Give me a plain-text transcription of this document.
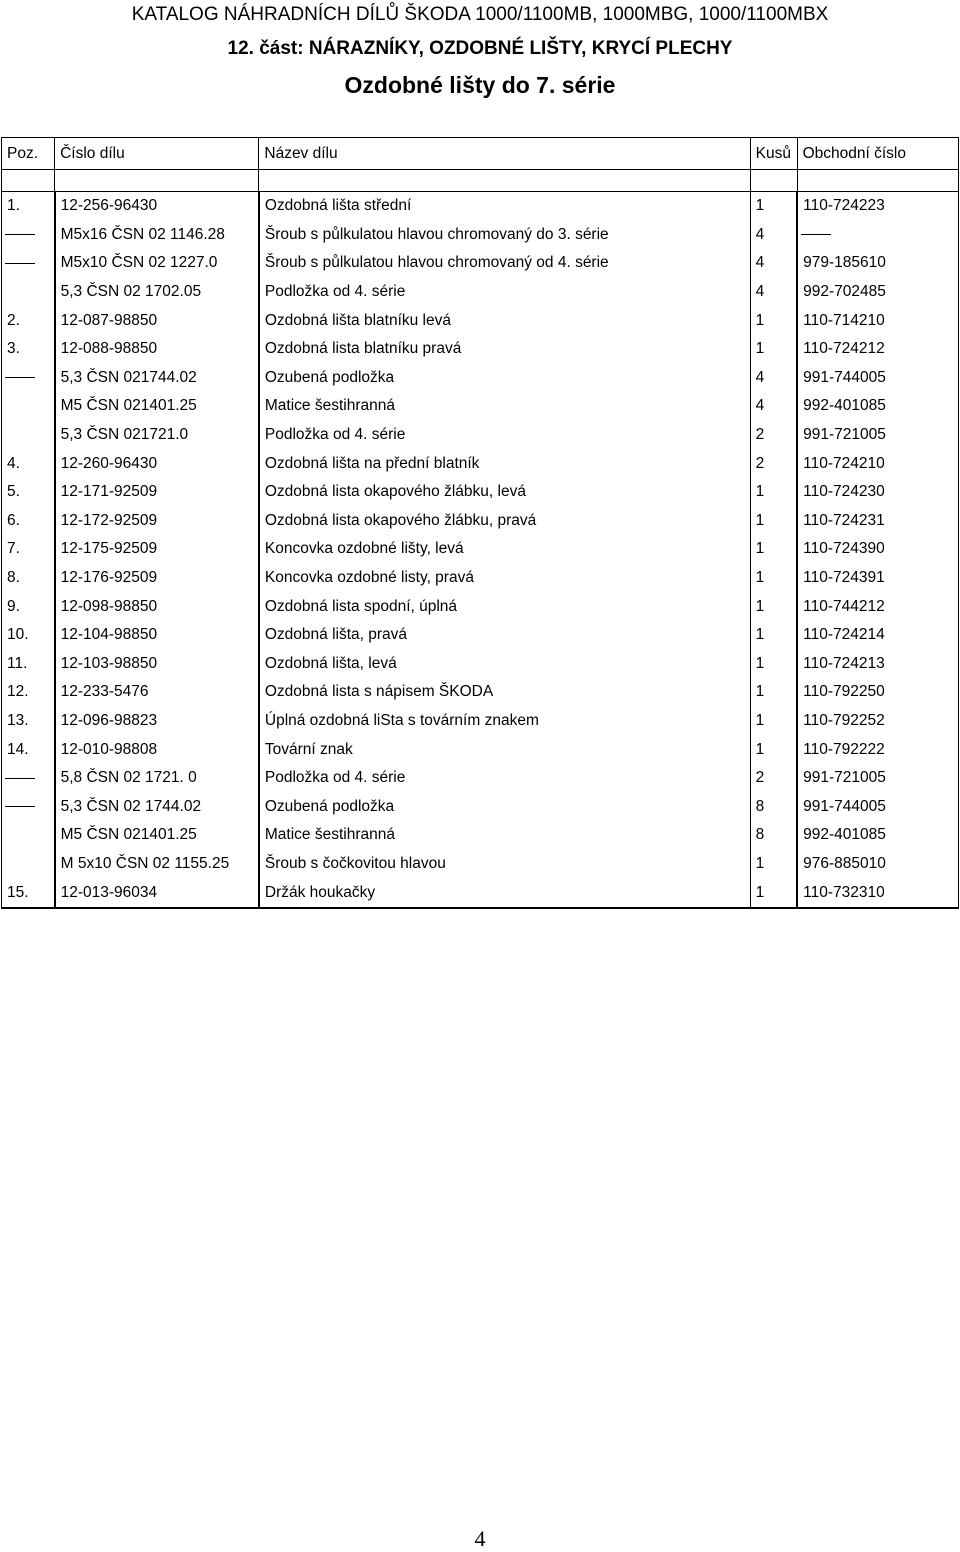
KATALOG NÁHRADNÍCH DÍLŮ ŠKODA 1000/1100MB, 1000MBG, 1000/1100MBX
12. část: NÁRAZNÍKY, OZDOBNÉ LIŠTY, KRYCÍ PLECHY
Ozdobné lišty do 7. série
Poz.	Číslo dílu	Název dílu	Kusů	Obchodní číslo

1.	12-256-96430	Ozdobná lišta střední	1	110-724223
	M5x16 ČSN 02 1146.28	Šroub s půlkulatou hlavou chromovaný do 3. série	4	
	M5x10 ČSN 02 1227.0	Šroub s půlkulatou hlavou chromovaný od 4. série	4	979-185610
	5,3 ČSN 02 1702.05	Podložka od 4. série	4	992-702485
2.	12-087-98850	Ozdobná lišta blatníku levá	1	110-714210
3.	12-088-98850	Ozdobná lista blatníku pravá	1	110-724212
	5,3 ČSN 021744.02	Ozubená podložka	4	991-744005
	M5 ČSN 021401.25	Matice šestihranná	4	992-401085
	5,3 ČSN 021721.0	Podložka od 4. série	2	991-721005
4.	12-260-96430	Ozdobná lišta na přední blatník	2	110-724210
5.	12-171-92509	Ozdobná lista okapového žlábku, levá	1	110-724230
6.	12-172-92509	Ozdobná lista okapového žlábku, pravá	1	110-724231
7.	12-175-92509	Koncovka ozdobné lišty, levá	1	110-724390
8.	12-176-92509	Koncovka ozdobné listy, pravá	1	110-724391
9.	12-098-98850	Ozdobná lista spodní, úplná	1	110-744212
10.	12-104-98850	Ozdobná lišta, pravá	1	110-724214
11.	12-103-98850	Ozdobná lišta, levá	1	110-724213
12.	12-233-5476	Ozdobná lista s nápisem ŠKODA	1	110-792250
13.	12-096-98823	Úplná ozdobná liSta s továrním znakem	1	110-792252
14.	12-010-98808	Tovární znak	1	110-792222
	5,8 ČSN 02 1721. 0	Podložka od 4. série	2	991-721005
	5,3 ČSN 02 1744.02	Ozubená podložka	8	991-744005
	M5 ČSN 021401.25	Matice šestihranná	8	992-401085
	M 5x10 ČSN 02 1155.25	Šroub s čočkovitou hlavou	1	976-885010
15.	12-013-96034	Držák houkačky	1	110-732310
4
